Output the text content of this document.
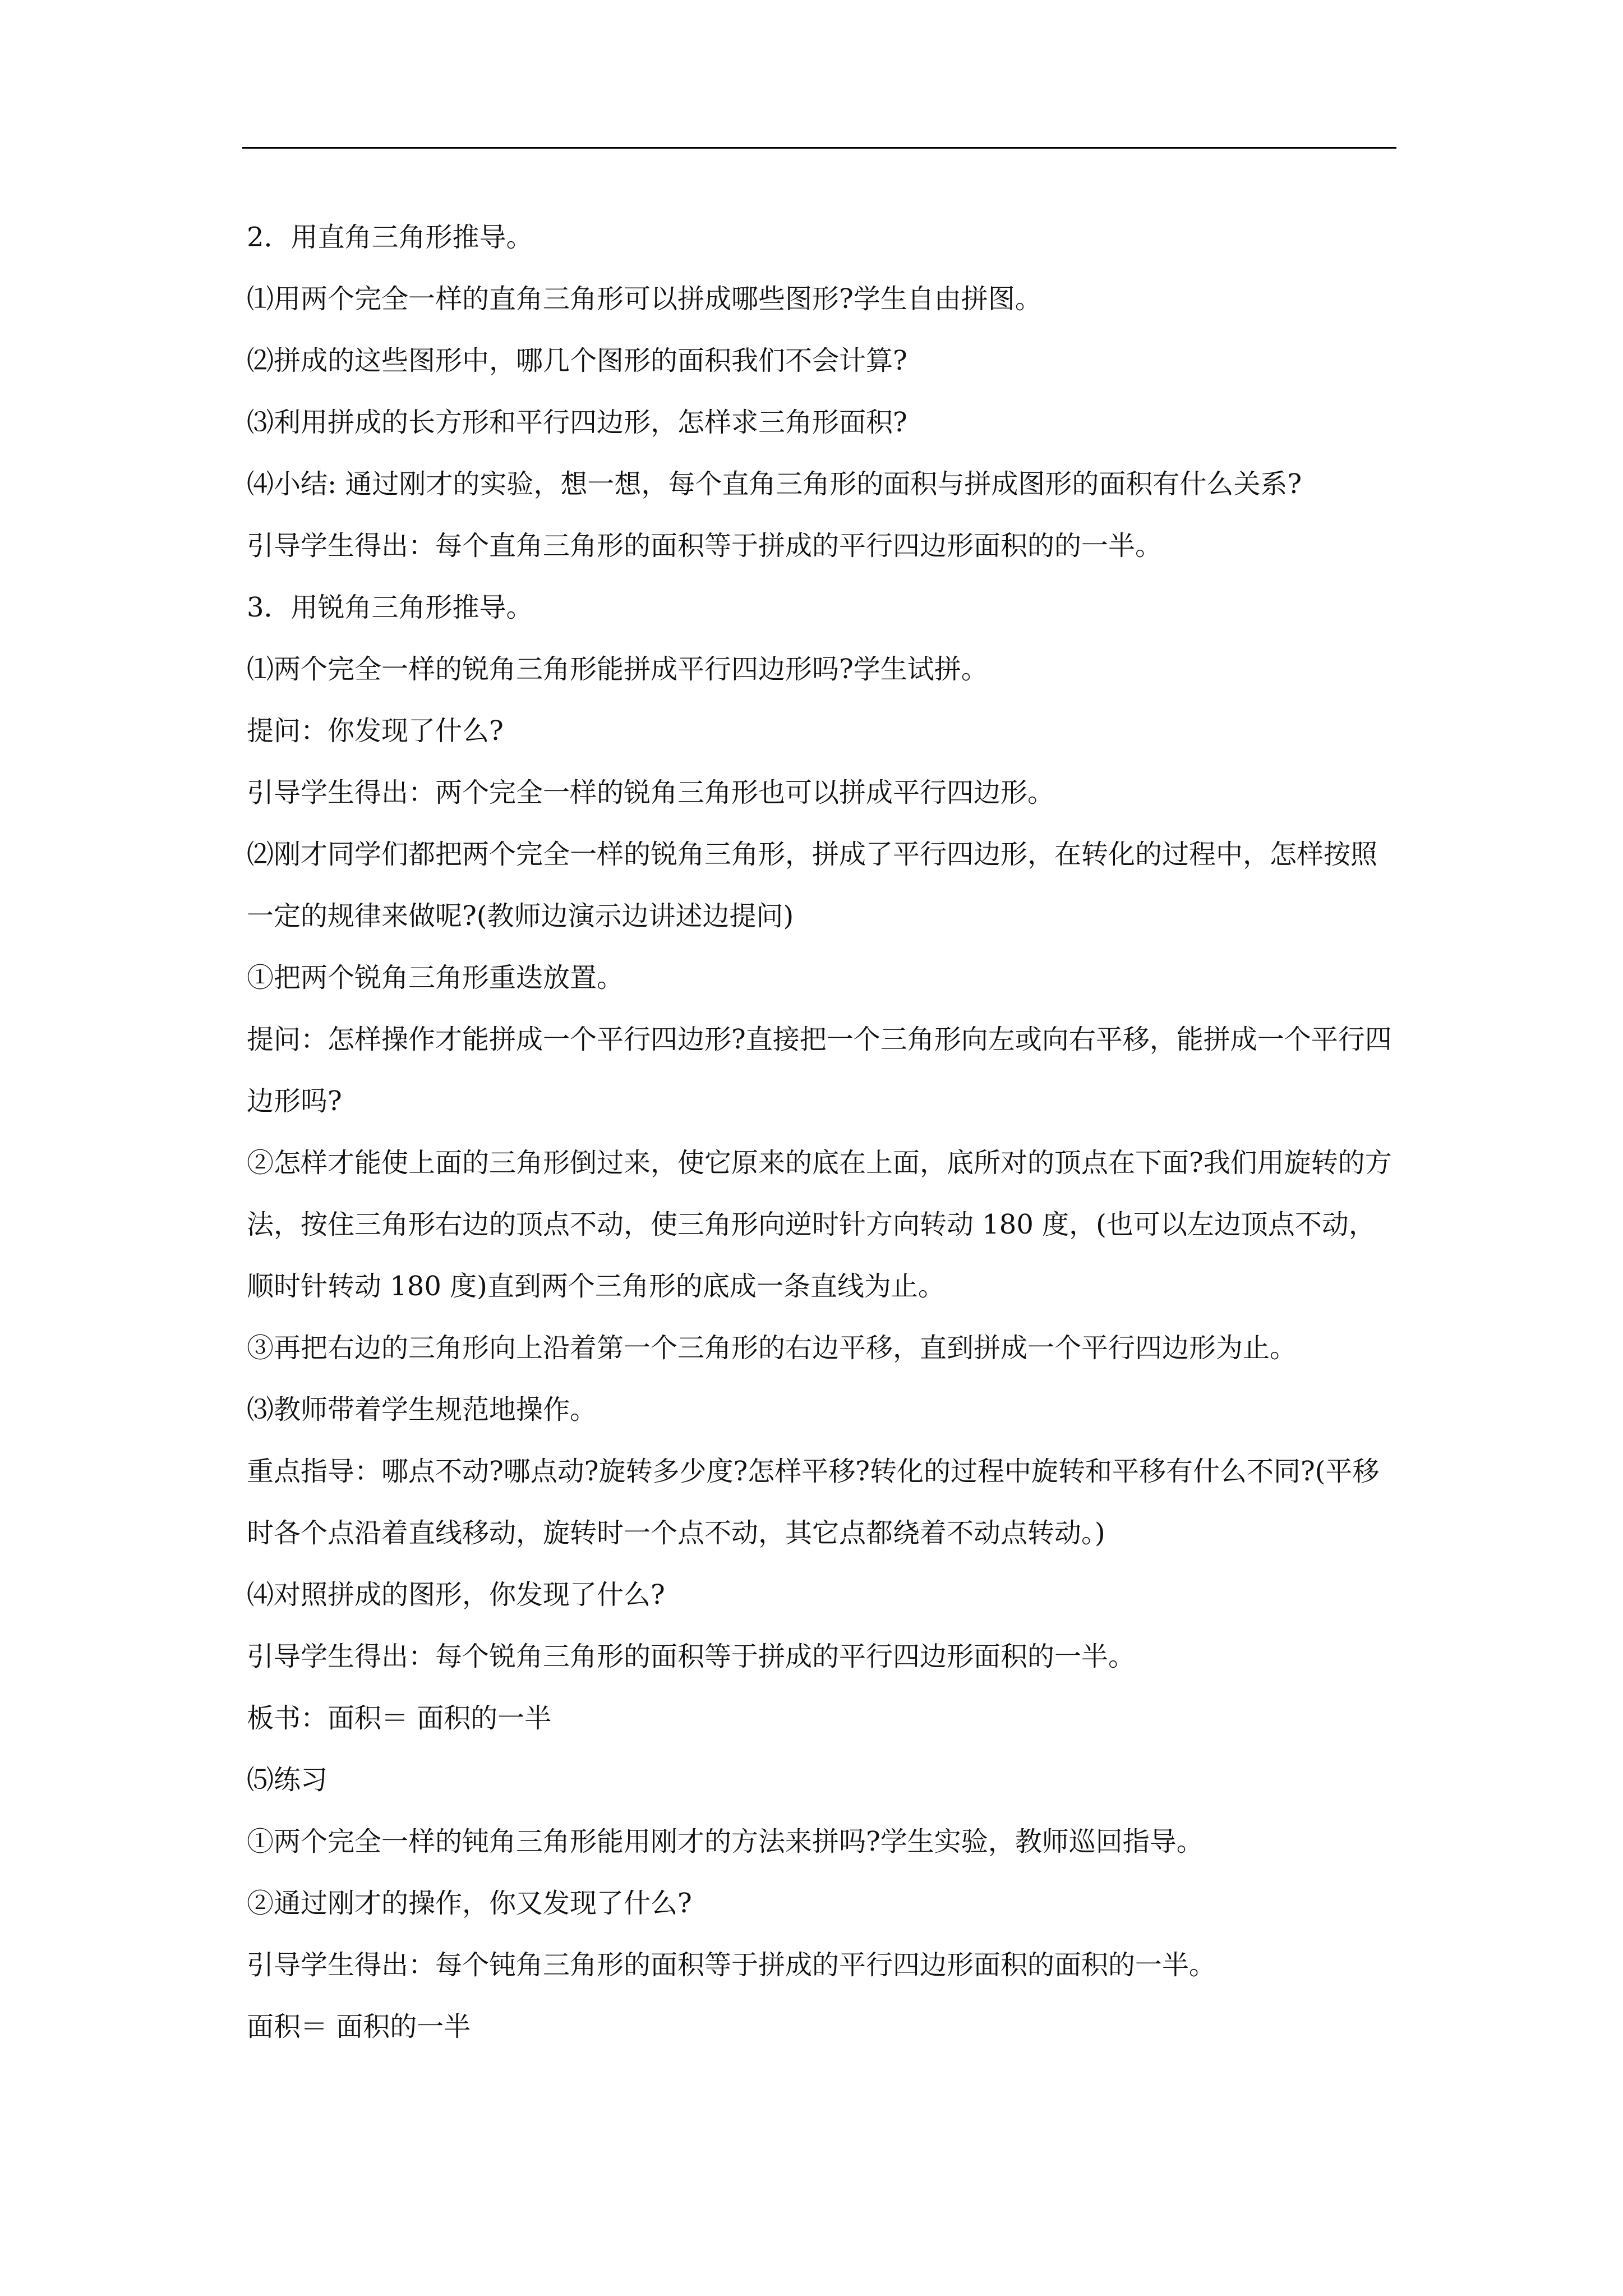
2．用直角三角形推导。

⑴用两个完全一样的直角三角形可以拼成哪些图形?学生自由拼图。

⑵拼成的这些图形中，哪几个图形的面积我们不会计算?

⑶利用拼成的长方形和平行四边形，怎样求三角形面积?

⑷小结: 通过刚才的实验，想一想，每个直角三角形的面积与拼成图形的面积有什么关系?

引导学生得出：每个直角三角形的面积等于拼成的平行四边形面积的的一半。

3．用锐角三角形推导。

⑴两个完全一样的锐角三角形能拼成平行四边形吗?学生试拼。

提问：你发现了什么?

引导学生得出：两个完全一样的锐角三角形也可以拼成平行四边形。

⑵刚才同学们都把两个完全一样的锐角三角形，拼成了平行四边形，在转化的过程中，怎样按照一定的规律来做呢?(教师边演示边讲述边提问)

①把两个锐角三角形重迭放置。

提问：怎样操作才能拼成一个平行四边形?直接把一个三角形向左或向右平移，能拼成一个平行四边形吗?

②怎样才能使上面的三角形倒过来，使它原来的底在上面，底所对的顶点在下面?我们用旋转的方法，按住三角形右边的顶点不动，使三角形向逆时针方向转动 180 度，(也可以左边顶点不动，顺时针转动 180 度)直到两个三角形的底成一条直线为止。

③再把右边的三角形向上沿着第一个三角形的右边平移，直到拼成一个平行四边形为止。

⑶教师带着学生规范地操作。

重点指导：哪点不动?哪点动?旋转多少度?怎样平移?转化的过程中旋转和平移有什么不同?(平移时各个点沿着直线移动，旋转时一个点不动，其它点都绕着不动点转动。)

⑷对照拼成的图形，你发现了什么?

引导学生得出：每个锐角三角形的面积等于拼成的平行四边形面积的一半。

板书：面积＝ 面积的一半

⑸练习

①两个完全一样的钝角三角形能用刚才的方法来拼吗?学生实验，教师巡回指导。

②通过刚才的操作，你又发现了什么?

引导学生得出：每个钝角三角形的面积等于拼成的平行四边形面积的面积的一半。

面积＝ 面积的一半
